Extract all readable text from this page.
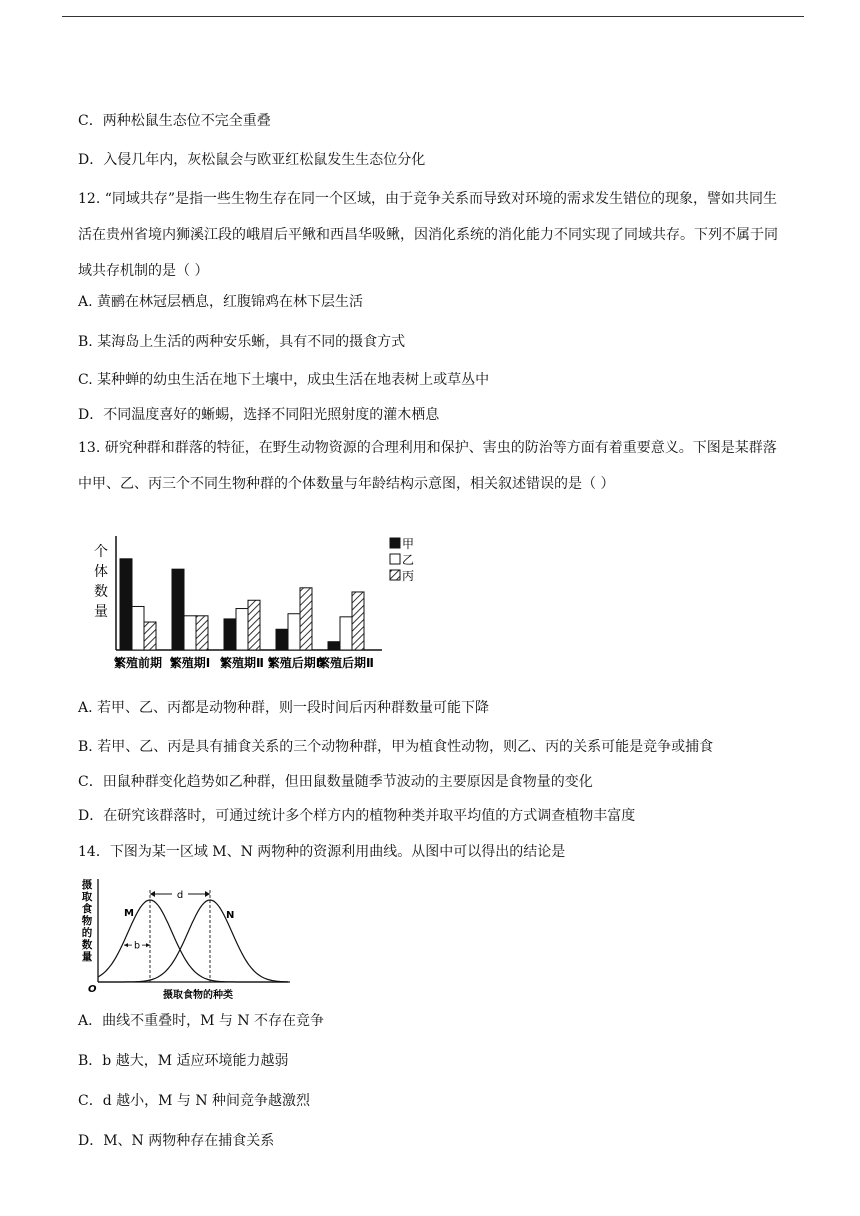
C．两种松鼠生态位不完全重叠
D．入侵几年内，灰松鼠会与欧亚红松鼠发生生态位分化
12. “同域共存”是指一些生物生存在同一个区域，由于竞争关系而导致对环境的需求发生错位的现象，譬如共同生活在贵州省境内狮溪江段的峨眉后平鳅和西昌华吸鳅，因消化系统的消化能力不同实现了同域共存。下列不属于同域共存机制的是（ ）
A. 黄鹂在林冠层栖息，红腹锦鸡在林下层生活
B. 某海岛上生活的两种安乐蜥，具有不同的摄食方式
C. 某种蝉的幼虫生活在地下土壤中，成虫生活在地表树上或草丛中
D．不同温度喜好的蜥蜴，选择不同阳光照射度的灌木栖息
13. 研究种群和群落的特征，在野生动物资源的合理利用和保护、害虫的防治等方面有着重要意义。下图是某群落中甲、乙、丙三个不同生物种群的个体数量与年龄结构示意图，相关叙述错误的是（ ）
个
体
数
量
繁殖前期 繁殖期Ⅰ 繁殖期Ⅱ 繁殖后期Ⅰ
繁殖后期Ⅱ
甲
乙
丙
A. 若甲、乙、丙都是动物种群，则一段时间后丙种群数量可能下降
B. 若甲、乙、丙是具有捕食关系的三个动物种群，甲为植食性动物，则乙、丙的关系可能是竞争或捕食
C．田鼠种群变化趋势如乙种群，但田鼠数量随季节波动的主要原因是食物量的变化
D．在研究该群落时，可通过统计多个样方内的植物种类并取平均值的方式调查植物丰富度
14．下图为某一区域 M、N 两物种的资源利用曲线。从图中可以得出的结论是
摄
取
食
物
的
数
量
O
M	N
d
b
摄取食物的种类
A．曲线不重叠时，M 与 N 不存在竞争
B．b 越大，M 适应环境能力越弱
C．d 越小，M 与 N 种间竞争越激烈
D．M、N 两物种存在捕食关系
